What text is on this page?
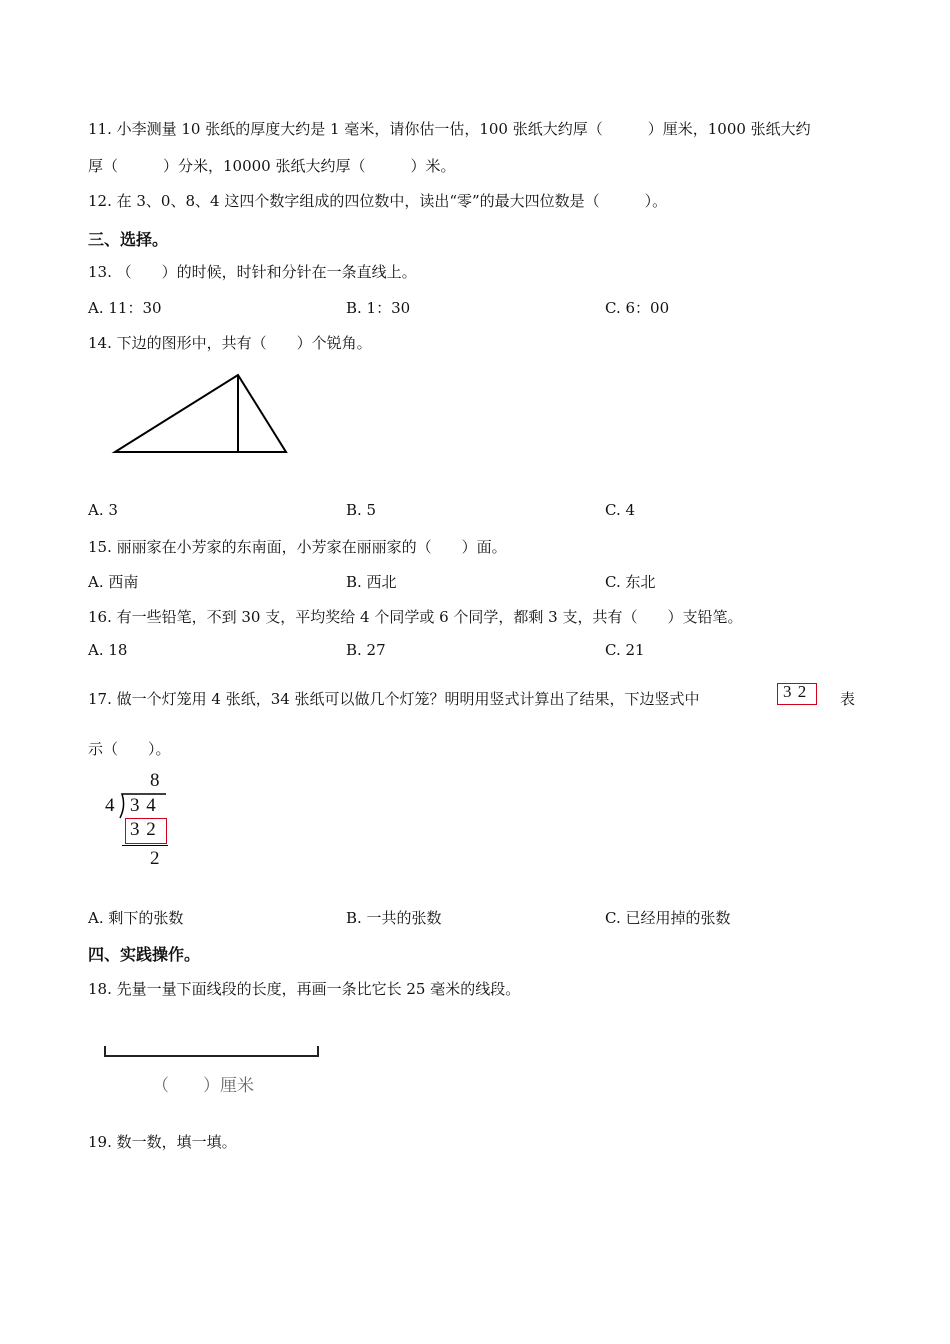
11. 小李测量 10 张纸的厚度大约是 1 毫米，请你估一估，100 张纸大约厚（　　　）厘米，1000 张纸大约
厚（　　　）分米，10000 张纸大约厚（　　　）米。
12. 在 3、0、8、4 这四个数字组成的四位数中，读出“零”的最大四位数是（　　　）。
三、选择。
13. （　　）的时候，时针和分针在一条直线上。
A. 11：30	B. 1：30	C. 6：00
14. 下边的图形中，共有（　　）个锐角。
A. 3	B. 5	C. 4
15. 丽丽家在小芳家的东南面，小芳家在丽丽家的（　　）面。
A. 西南	B. 西北	C. 东北
16. 有一些铅笔，不到 30 支，平均奖给 4 个同学或 6 个同学，都剩 3 支，共有（　　）支铅笔。
A. 18	B. 27	C. 21
17. 做一个灯笼用 4 张纸，34 张纸可以做几个灯笼？明明用竖式计算出了结果，下边竖式中	3 2 表
示（　　）。
8
4 3 4
3 2
2
A. 剩下的张数	B. 一共的张数	C. 已经用掉的张数
四、实践操作。
18. 先量一量下面线段的长度，再画一条比它长 25 毫米的线段。
（　　）厘米
19. 数一数，填一填。
